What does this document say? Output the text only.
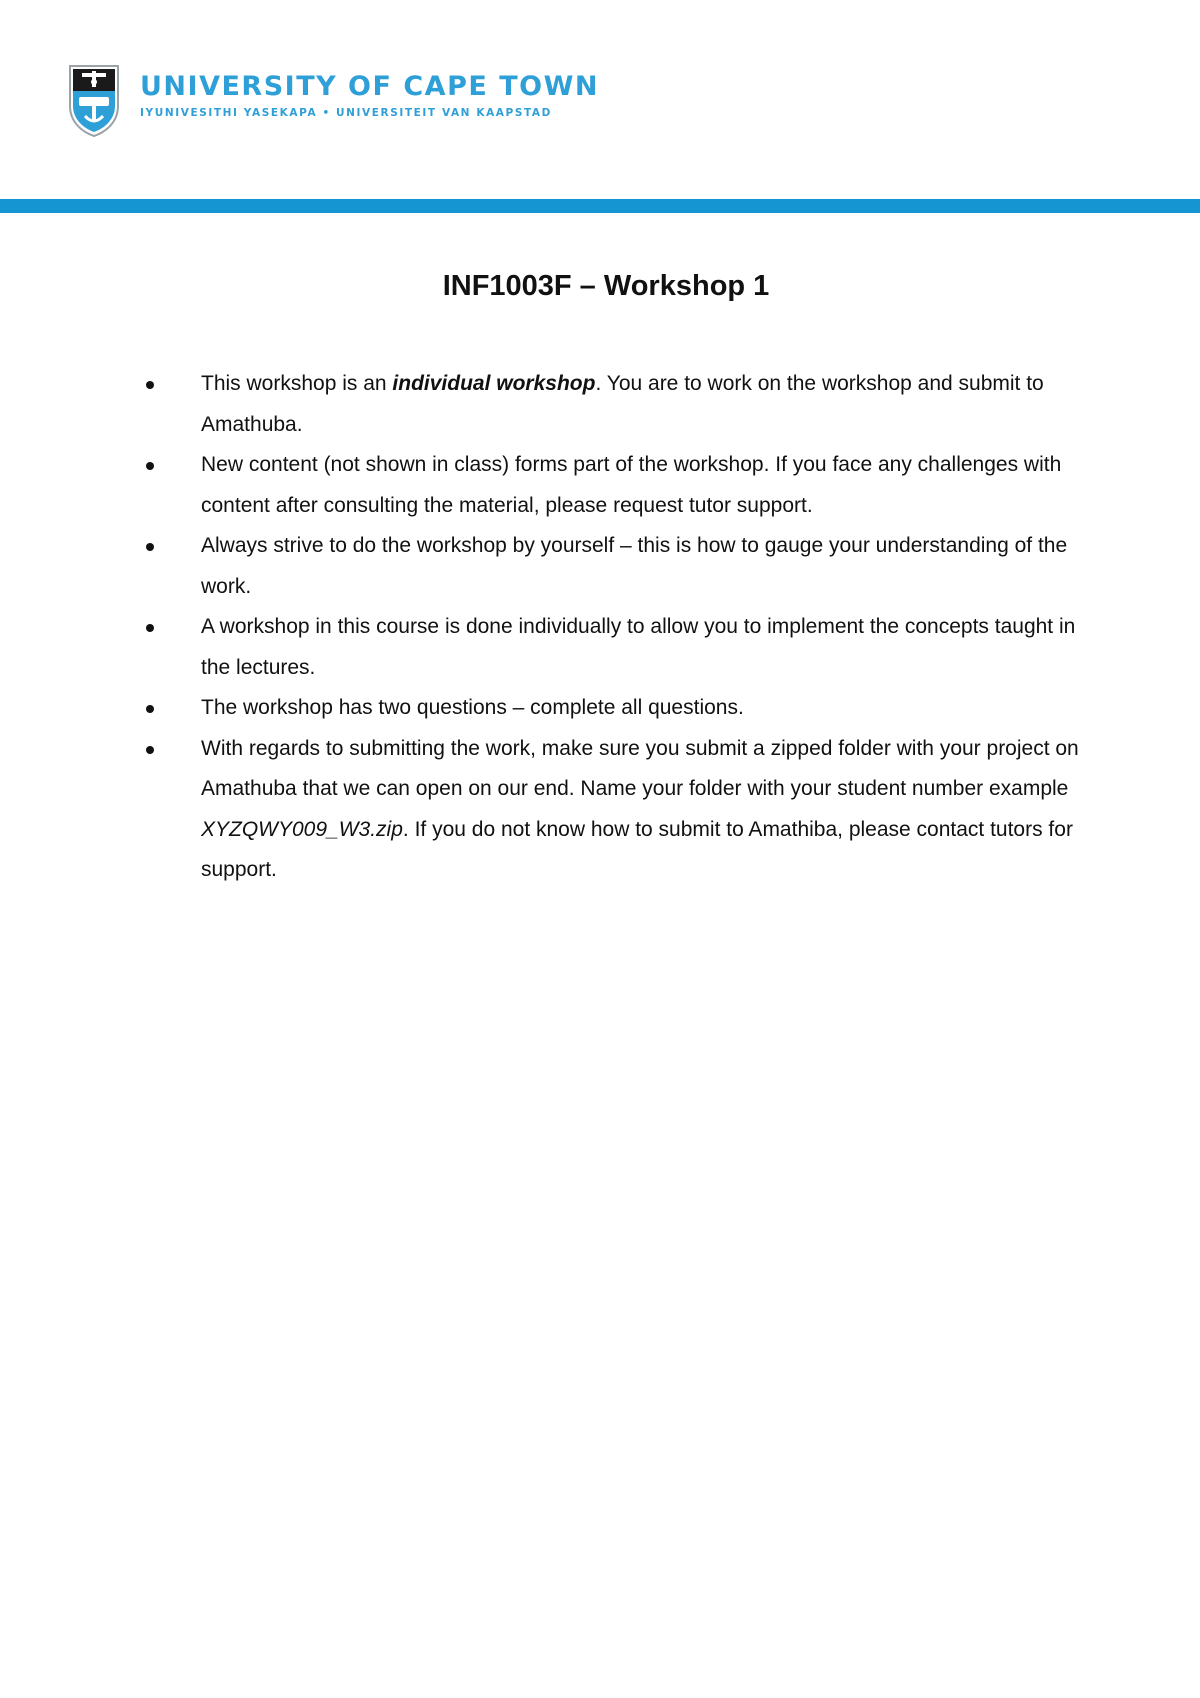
UNIVERSITY OF CAPE TOWN
IYUNIVESITHI YASEKAPA • UNIVERSITEIT VAN KAAPSTAD
INF1003F – Workshop 1
This workshop is an individual workshop. You are to work on the workshop and submit to Amathuba.
New content (not shown in class) forms part of the workshop. If you face any challenges with content after consulting the material, please request tutor support.
Always strive to do the workshop by yourself – this is how to gauge your understanding of the work.
A workshop in this course is done individually to allow you to implement the concepts taught in the lectures.
The workshop has two questions – complete all questions.
With regards to submitting the work, make sure you submit a zipped folder with your project on Amathuba that we can open on our end. Name your folder with your student number example XYZQWY009_W3.zip. If you do not know how to submit to Amathiba, please contact tutors for support.
